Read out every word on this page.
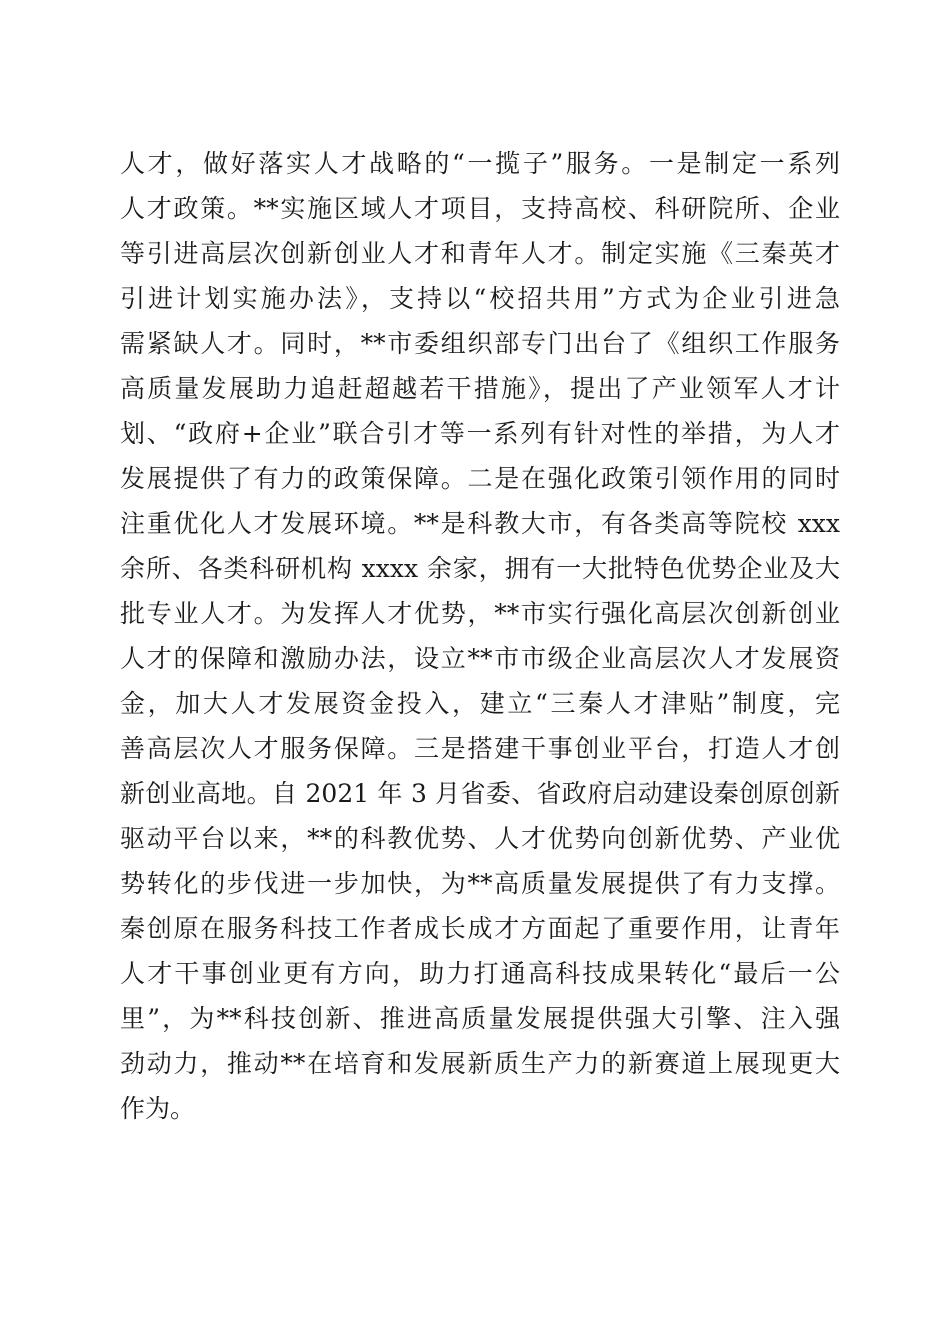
人才，做好落实人才战略的“一揽子”服务。一是制定一系列
人才政策。**实施区域人才项目，支持高校、科研院所、企业
等引进高层次创新创业人才和青年人才。制定实施《三秦英才
引进计划实施办法》，支持以“校招共用”方式为企业引进急
需紧缺人才。同时，**市委组织部专门出台了《组织工作服务
高质量发展助力追赶超越若干措施》，提出了产业领军人才计
划、“政府+企业”联合引才等一系列有针对性的举措，为人才
发展提供了有力的政策保障。二是在强化政策引领作用的同时
注重优化人才发展环境。**是科教大市，有各类高等院校 xxx
余所、各类科研机构 xxxx 余家，拥有一大批特色优势企业及大
批专业人才。为发挥人才优势，**市实行强化高层次创新创业
人才的保障和激励办法，设立**市市级企业高层次人才发展资
金，加大人才发展资金投入，建立“三秦人才津贴”制度，完
善高层次人才服务保障。三是搭建干事创业平台，打造人才创
新创业高地。自 2021 年 3 月省委、省政府启动建设秦创原创新
驱动平台以来，**的科教优势、人才优势向创新优势、产业优
势转化的步伐进一步加快，为**高质量发展提供了有力支撑。
秦创原在服务科技工作者成长成才方面起了重要作用，让青年
人才干事创业更有方向，助力打通高科技成果转化“最后一公
里”，为**科技创新、推进高质量发展提供强大引擎、注入强
劲动力，推动**在培育和发展新质生产力的新赛道上展现更大
作为。
